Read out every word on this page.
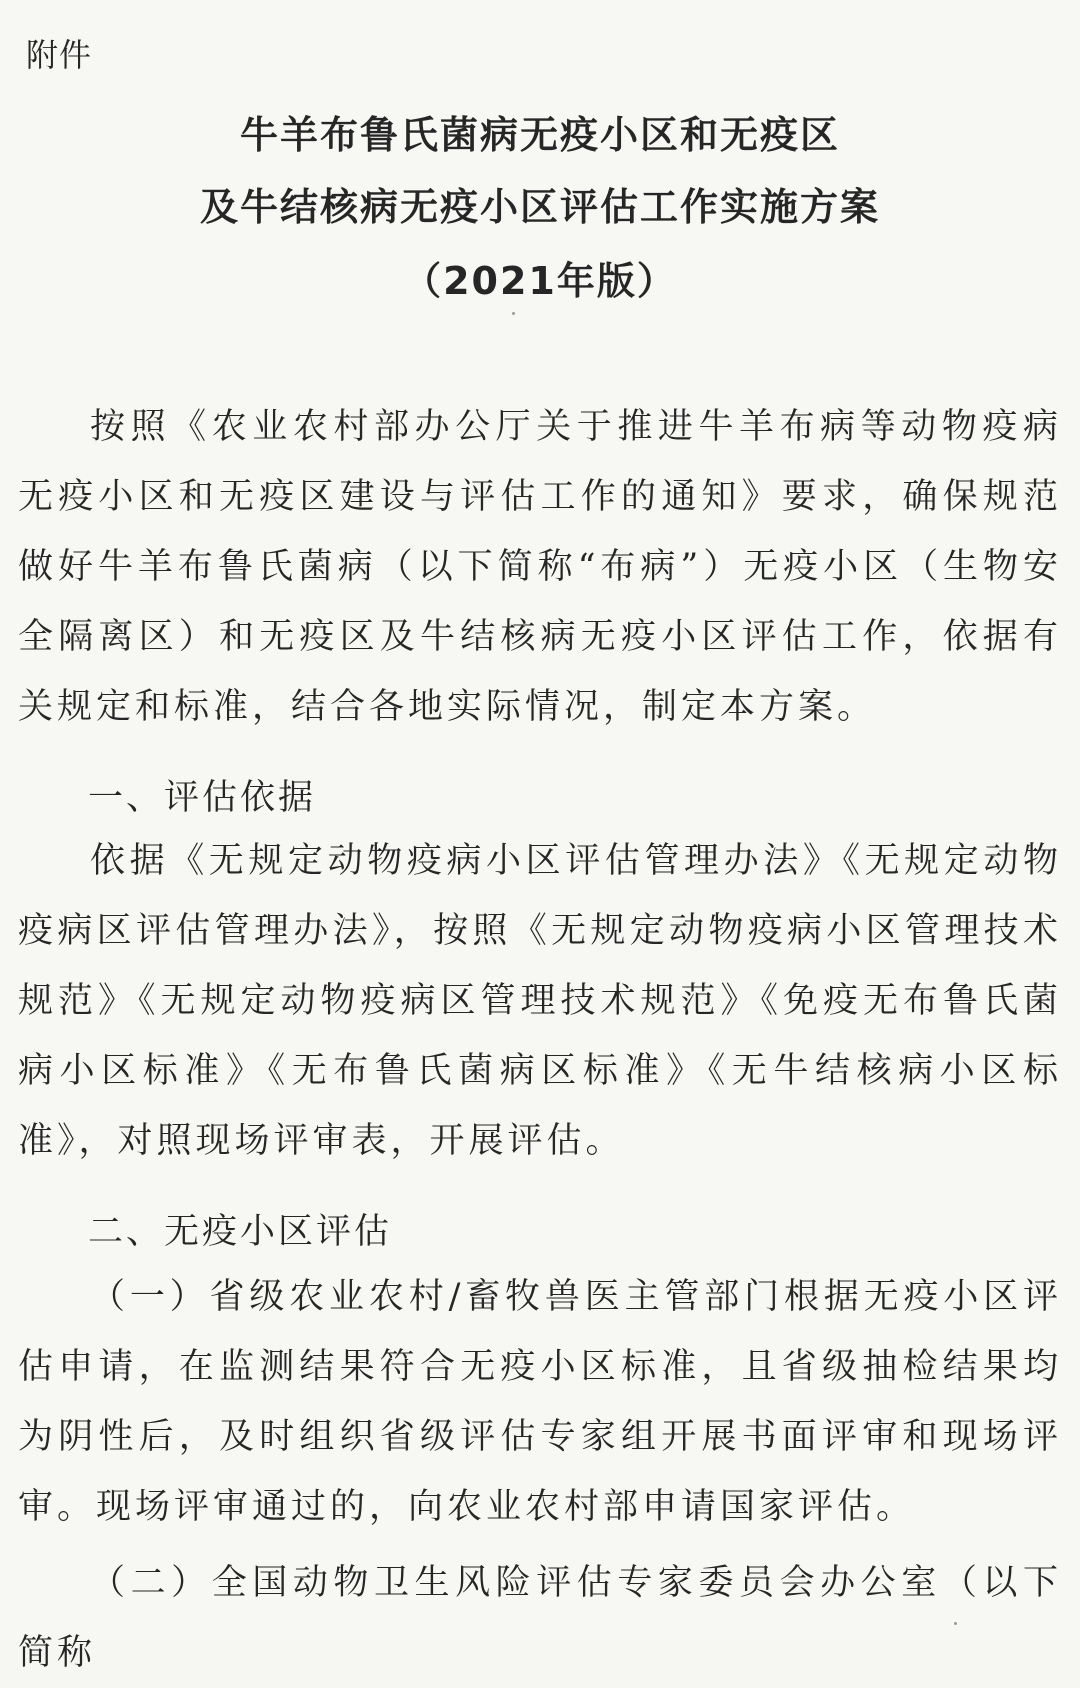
附件
牛羊布鲁氏菌病无疫小区和无疫区
及牛结核病无疫小区评估工作实施方案
（2021年版）
按照《农业农村部办公厅关于推进牛羊布病等动物疫病无疫小区和无疫区建设与评估工作的通知》要求，确保规范做好牛羊布鲁氏菌病（以下简称“布病”）无疫小区（生物安全隔离区）和无疫区及牛结核病无疫小区评估工作，依据有关规定和标准，结合各地实际情况，制定本方案。
一、评估依据
依据《无规定动物疫病小区评估管理办法》《无规定动物疫病区评估管理办法》，按照《无规定动物疫病小区管理技术规范》《无规定动物疫病区管理技术规范》《免疫无布鲁氏菌病小区标准》《无布鲁氏菌病区标准》《无牛结核病小区标准》，对照现场评审表，开展评估。
二、无疫小区评估
（一）省级农业农村/畜牧兽医主管部门根据无疫小区评估申请，在监测结果符合无疫小区标准，且省级抽检结果均为阴性后，及时组织省级评估专家组开展书面评审和现场评审。现场评审通过的，向农业农村部申请国家评估。
（二）全国动物卫生风险评估专家委员会办公室（以下简称
